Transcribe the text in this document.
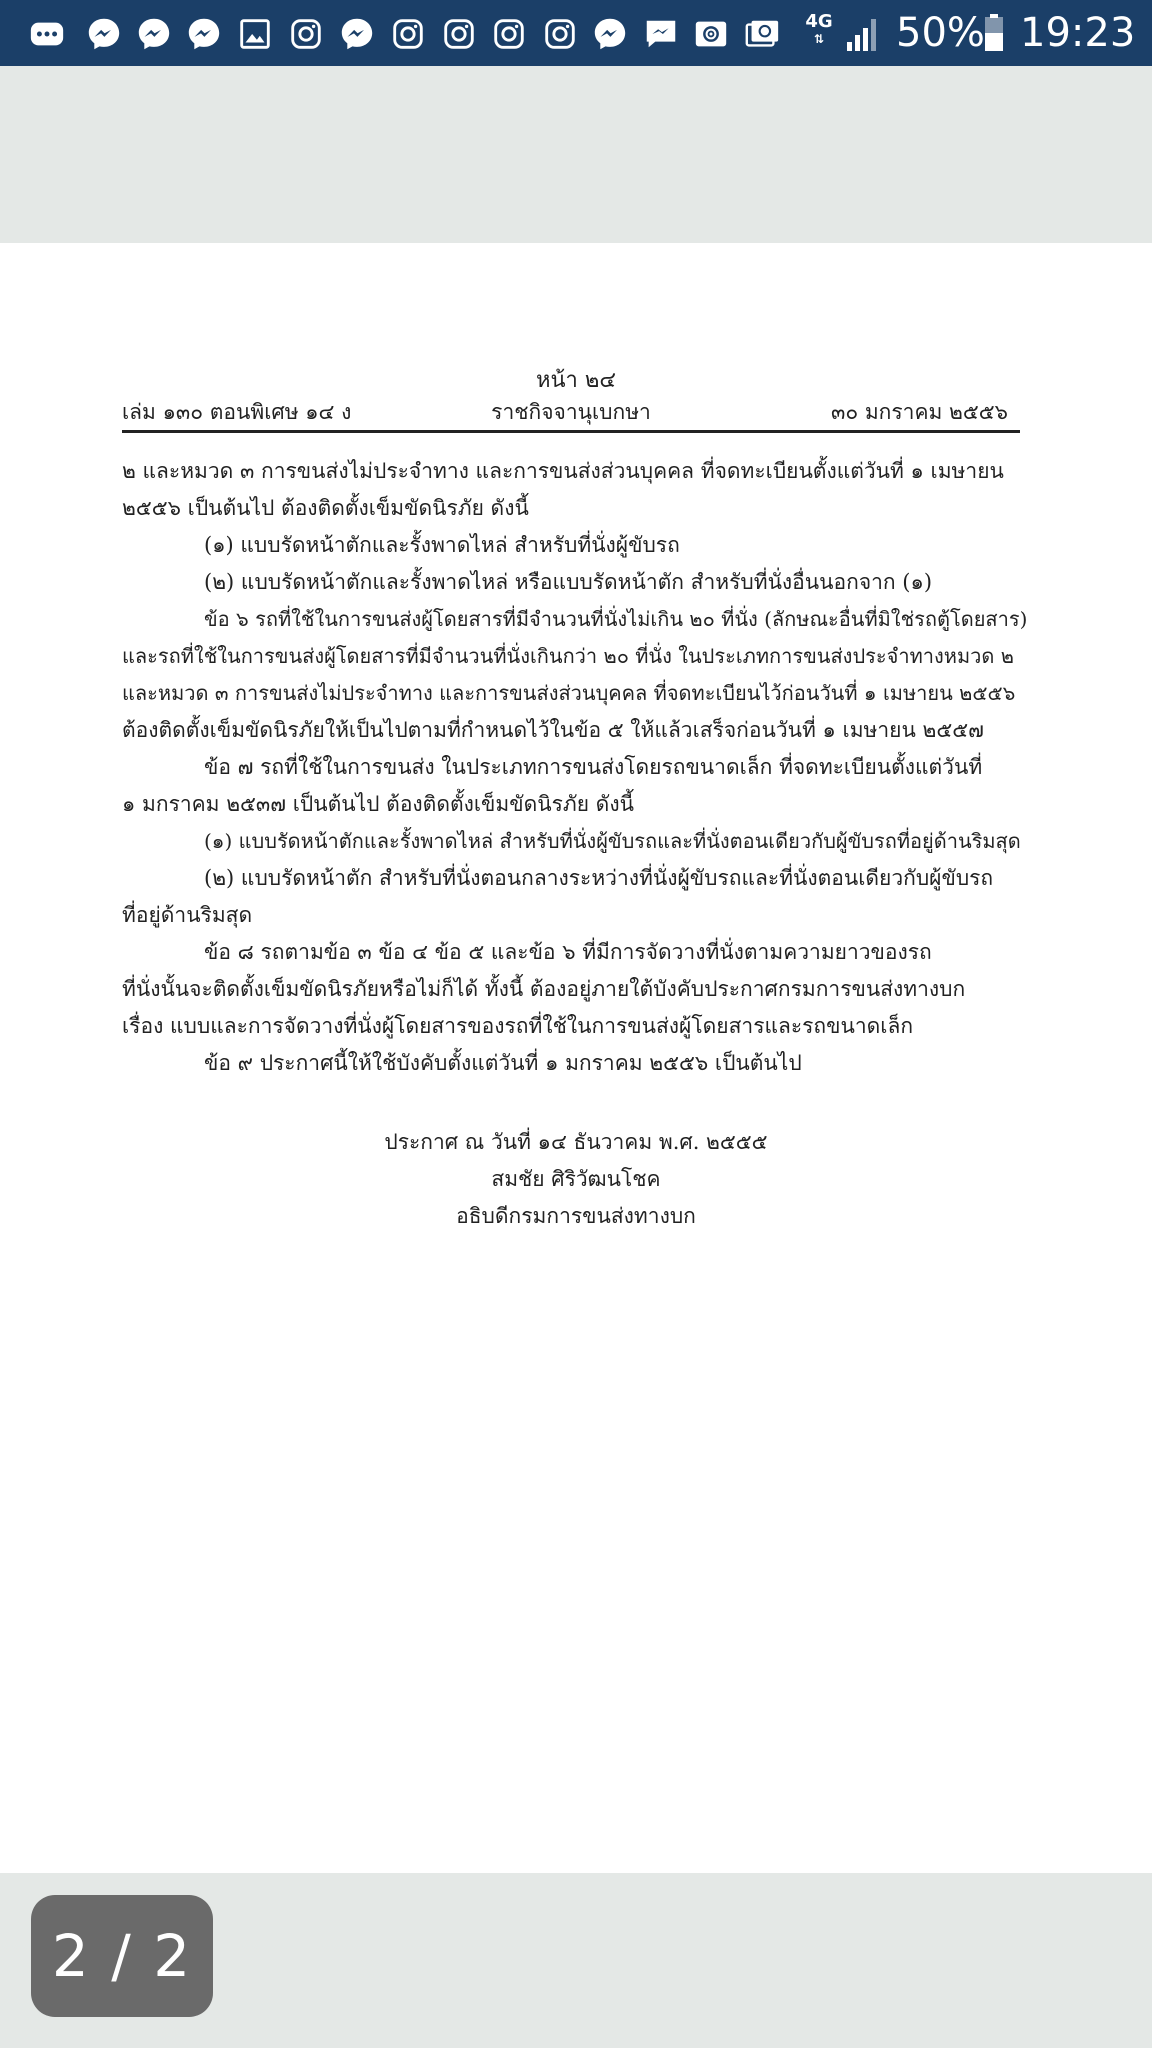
4G
⇅ 50% 19:23
หน้า ๒๔
เล่ม ๑๓๐ ตอนพิเศษ ๑๔ ง	ราชกิจจานุเบกษา	๓๐ มกราคม ๒๕๕๖
๒ และหมวด ๓ การขนส่งไม่ประจำทาง และการขนส่งส่วนบุคคล ที่จดทะเบียนตั้งแต่วันที่ ๑ เมษายน
๒๕๕๖ เป็นต้นไป ต้องติดตั้งเข็มขัดนิรภัย ดังนี้
(๑) แบบรัดหน้าตักและรั้งพาดไหล่ สำหรับที่นั่งผู้ขับรถ
(๒) แบบรัดหน้าตักและรั้งพาดไหล่ หรือแบบรัดหน้าตัก สำหรับที่นั่งอื่นนอกจาก (๑)
ข้อ ๖ รถที่ใช้ในการขนส่งผู้โดยสารที่มีจำนวนที่นั่งไม่เกิน ๒๐ ที่นั่ง (ลักษณะอื่นที่มิใช่รถตู้โดยสาร)
และรถที่ใช้ในการขนส่งผู้โดยสารที่มีจำนวนที่นั่งเกินกว่า ๒๐ ที่นั่ง ในประเภทการขนส่งประจำทางหมวด ๒
และหมวด ๓ การขนส่งไม่ประจำทาง และการขนส่งส่วนบุคคล ที่จดทะเบียนไว้ก่อนวันที่ ๑ เมษายน ๒๕๕๖
ต้องติดตั้งเข็มขัดนิรภัยให้เป็นไปตามที่กำหนดไว้ในข้อ ๕ ให้แล้วเสร็จก่อนวันที่ ๑ เมษายน ๒๕๕๗
ข้อ ๗ รถที่ใช้ในการขนส่ง ในประเภทการขนส่งโดยรถขนาดเล็ก ที่จดทะเบียนตั้งแต่วันที่
๑ มกราคม ๒๕๓๗ เป็นต้นไป ต้องติดตั้งเข็มขัดนิรภัย ดังนี้
(๑) แบบรัดหน้าตักและรั้งพาดไหล่ สำหรับที่นั่งผู้ขับรถและที่นั่งตอนเดียวกับผู้ขับรถที่อยู่ด้านริมสุด
(๒) แบบรัดหน้าตัก สำหรับที่นั่งตอนกลางระหว่างที่นั่งผู้ขับรถและที่นั่งตอนเดียวกับผู้ขับรถ
ที่อยู่ด้านริมสุด
ข้อ ๘ รถตามข้อ ๓ ข้อ ๔ ข้อ ๕ และข้อ ๖ ที่มีการจัดวางที่นั่งตามความยาวของรถ
ที่นั่งนั้นจะติดตั้งเข็มขัดนิรภัยหรือไม่ก็ได้ ทั้งนี้ ต้องอยู่ภายใต้บังคับประกาศกรมการขนส่งทางบก
เรื่อง แบบและการจัดวางที่นั่งผู้โดยสารของรถที่ใช้ในการขนส่งผู้โดยสารและรถขนาดเล็ก
ข้อ ๙ ประกาศนี้ให้ใช้บังคับตั้งแต่วันที่ ๑ มกราคม ๒๕๕๖ เป็นต้นไป
ประกาศ ณ วันที่ ๑๔ ธันวาคม พ.ศ. ๒๕๕๕
สมชัย ศิริวัฒนโชค
อธิบดีกรมการขนส่งทางบก
2 / 2
